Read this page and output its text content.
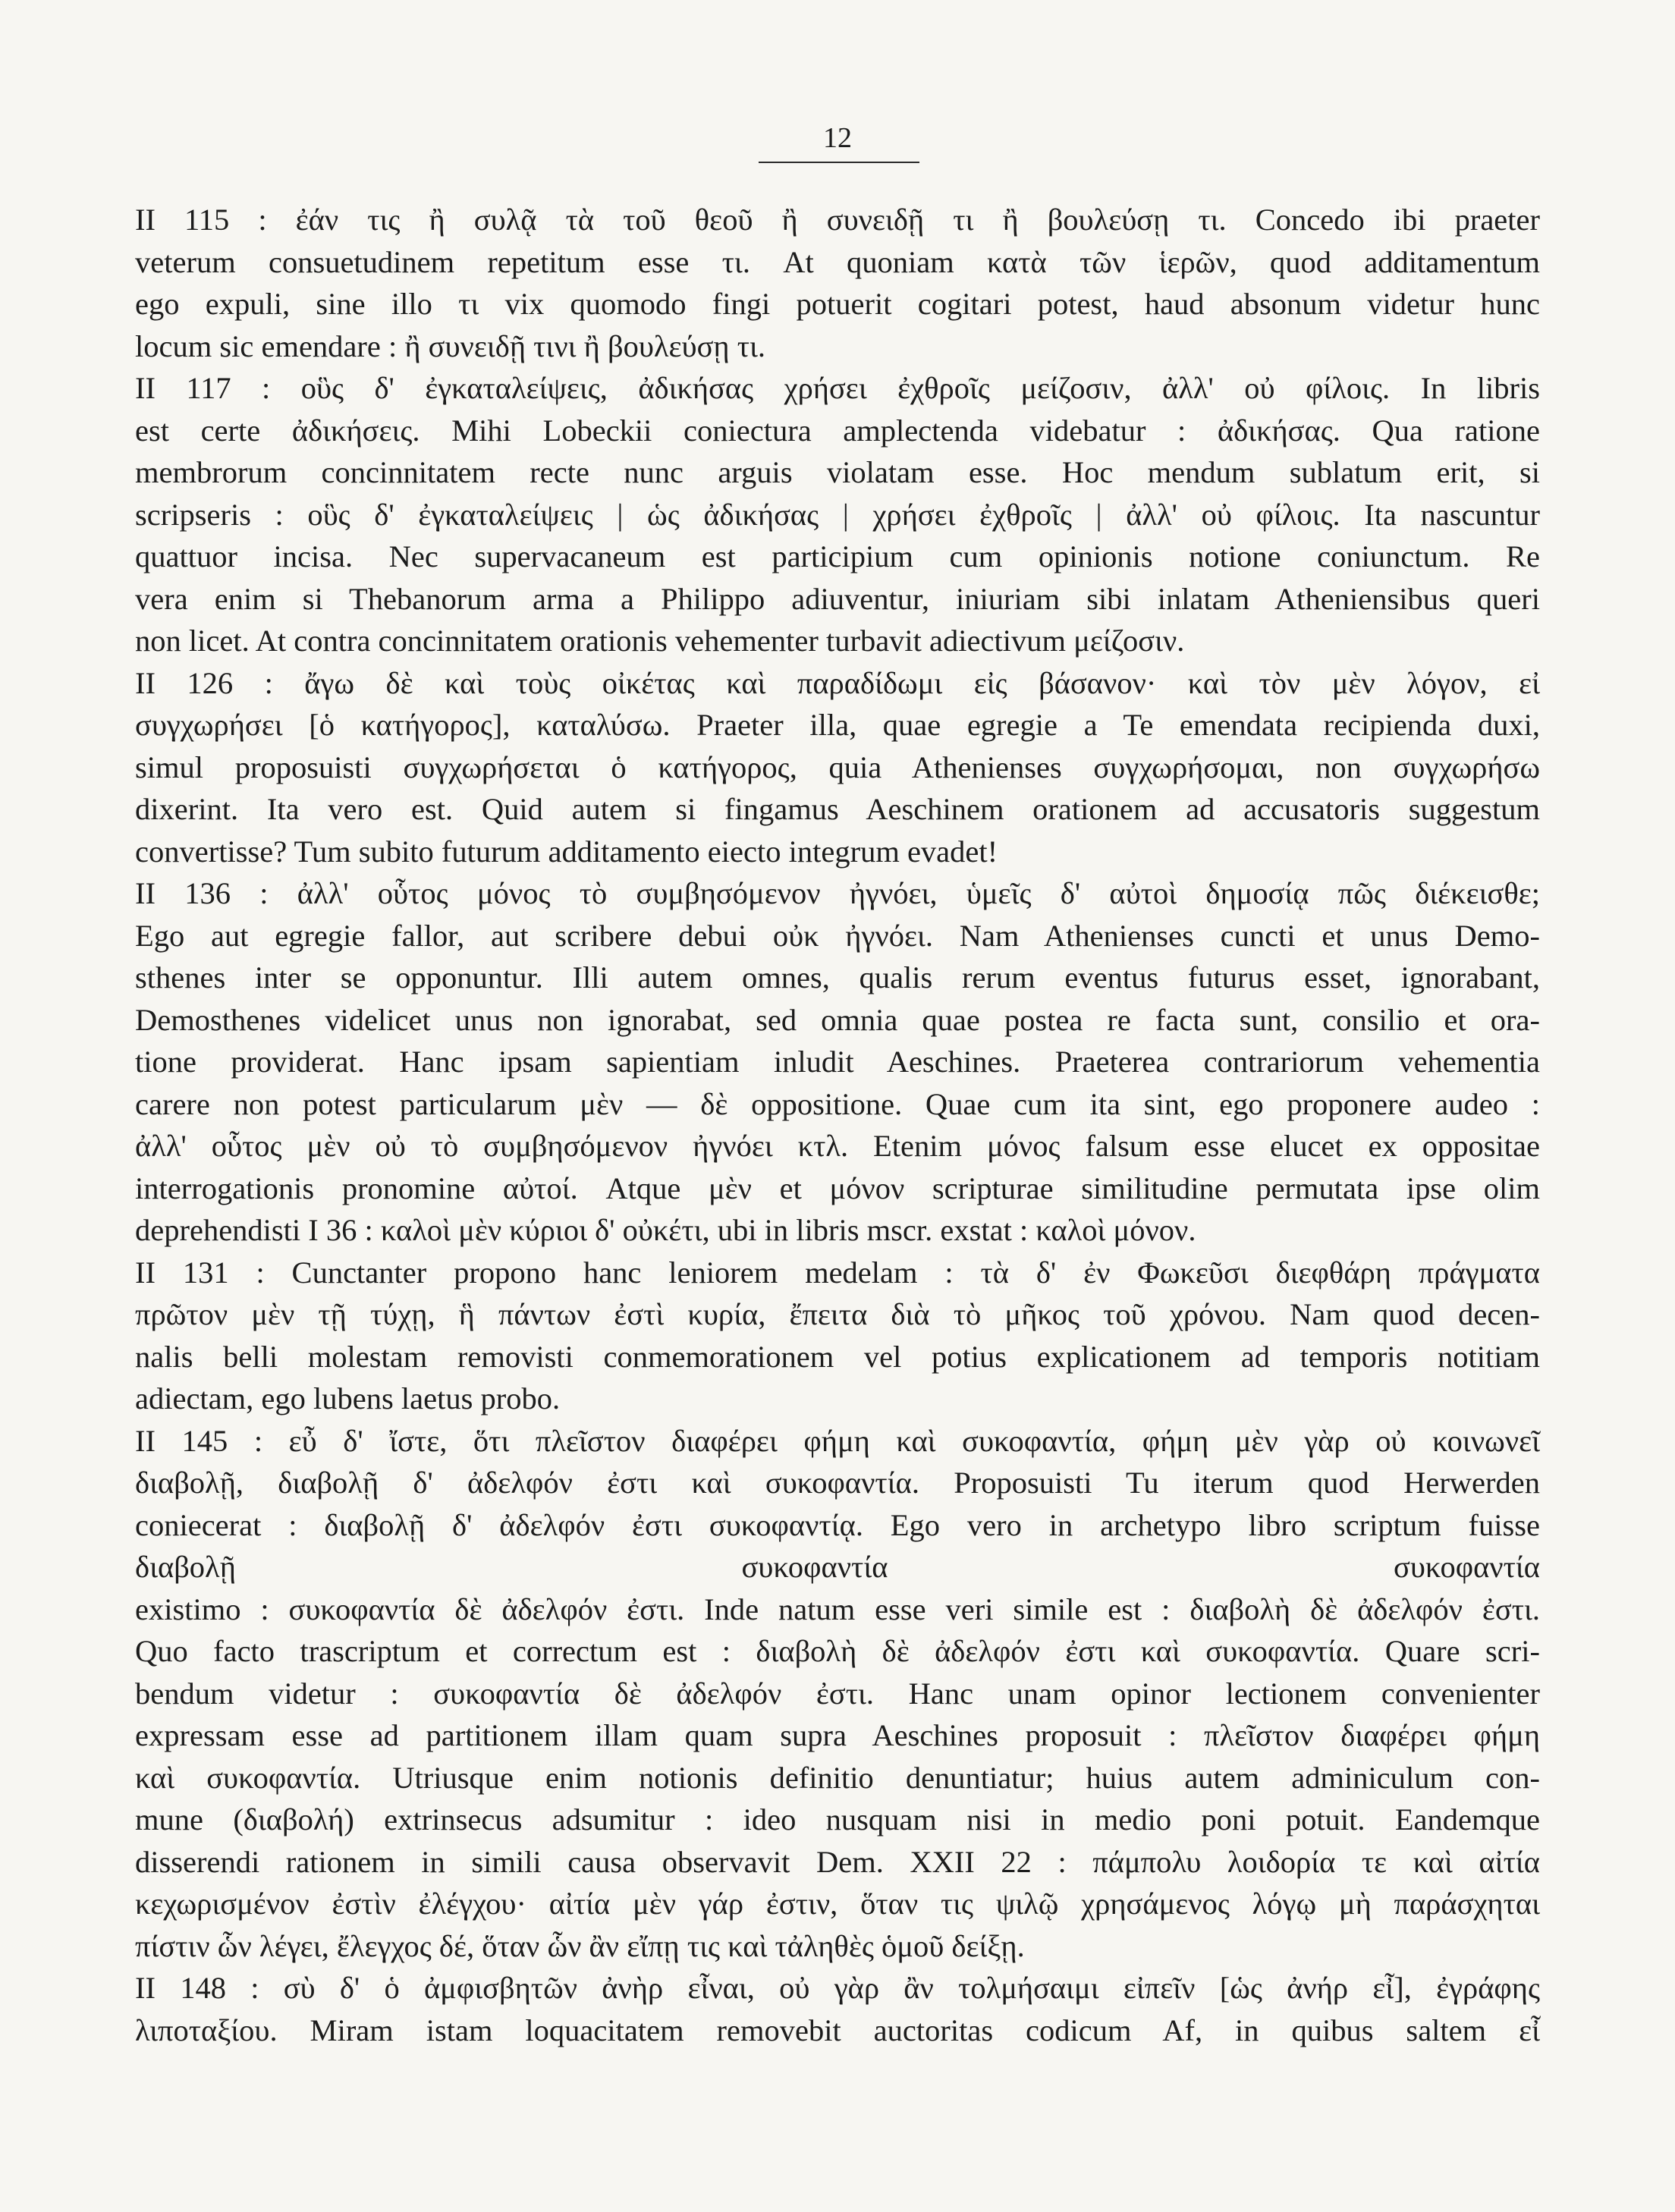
12
II 115 : ἐάν τις ἢ συλᾷ τὰ τοῦ θεοῦ ἢ συνειδῇ τι ἢ βουλεύσῃ τι. Concedo ibi praeter
veterum consuetudinem repetitum esse τι. At quoniam κατὰ τῶν ἱερῶν, quod additamentum
ego expuli, sine illo τι vix quomodo fingi potuerit cogitari potest, haud absonum videtur hunc
locum sic emendare : ἢ συνειδῇ τινι ἢ βουλεύσῃ τι.
II 117 : οὓς δ' ἐγκαταλείψεις, ἀδικήσας χρήσει ἐχθροῖς μείζοσιν, ἀλλ' οὐ φίλοις. In libris
est certe ἀδικήσεις. Mihi Lobeckii coniectura amplectenda videbatur : ἀδικήσας. Qua ratione
membrorum concinnitatem recte nunc arguis violatam esse. Hoc mendum sublatum erit, si
scripseris : οὓς δ' ἐγκαταλείψεις | ὡς ἀδικήσας | χρήσει ἐχθροῖς | ἀλλ' οὐ φίλοις. Ita nascuntur
quattuor incisa. Nec supervacaneum est participium cum opinionis notione coniunctum. Re
vera enim si Thebanorum arma a Philippo adiuventur, iniuriam sibi inlatam Atheniensibus queri
non licet. At contra concinnitatem orationis vehementer turbavit adiectivum μείζοσιν.
II 126 : ἄγω δὲ καὶ τοὺς οἰκέτας καὶ παραδίδωμι εἰς βάσανον· καὶ τὸν μὲν λόγον, εἰ
συγχωρήσει [ὁ κατήγορος], καταλύσω. Praeter illa, quae egregie a Te emendata recipienda duxi,
simul proposuisti συγχωρήσεται ὁ κατήγορος, quia Athenienses συγχωρήσομαι, non συγχωρήσω
dixerint. Ita vero est. Quid autem si fingamus Aeschinem orationem ad accusatoris suggestum
convertisse? Tum subito futurum additamento eiecto integrum evadet!
II 136 : ἀλλ' οὗτος μόνος τὸ συμβησόμενον ἠγνόει, ὑμεῖς δ' αὐτοὶ δημοσίᾳ πῶς διέκεισθε;
Ego aut egregie fallor, aut scribere debui οὐκ ἠγνόει. Nam Athenienses cuncti et unus Demo-
sthenes inter se opponuntur. Illi autem omnes, qualis rerum eventus futurus esset, ignorabant,
Demosthenes videlicet unus non ignorabat, sed omnia quae postea re facta sunt, consilio et ora-
tione providerat. Hanc ipsam sapientiam inludit Aeschines. Praeterea contrariorum vehementia
carere non potest particularum μὲν — δὲ oppositione. Quae cum ita sint, ego proponere audeo :
ἀλλ' οὗτος μὲν οὐ τὸ συμβησόμενον ἠγνόει κτλ. Etenim μόνος falsum esse elucet ex oppositae
interrogationis pronomine αὐτοί. Atque μὲν et μόνον scripturae similitudine permutata ipse olim
deprehendisti I 36 : καλοὶ μὲν κύριοι δ' οὐκέτι, ubi in libris mscr. exstat : καλοὶ μόνον.
II 131 : Cunctanter propono hanc leniorem medelam : τὰ δ' ἐν Φωκεῦσι διεφθάρη πράγματα
πρῶτον μὲν τῇ τύχῃ, ἣ πάντων ἐστὶ κυρία, ἔπειτα διὰ τὸ μῆκος τοῦ χρόνου. Nam quod decen-
nalis belli molestam removisti conmemorationem vel potius explicationem ad temporis notitiam
adiectam, ego lubens laetus probo.
II 145 : εὖ δ' ἴστε, ὅτι πλεῖστον διαφέρει φήμη καὶ συκοφαντία, φήμη μὲν γὰρ οὐ κοινωνεῖ
διαβολῇ, διαβολῇ δ' ἀδελφόν ἐστι καὶ συκοφαντία. Proposuisti Tu iterum quod Herwerden
coniecerat : διαβολῇ δ' ἀδελφόν ἐστι συκοφαντίᾳ. Ego vero in archetypo libro scriptum fuisse
διαβολῇ συκοφαντία συκοφαντία
existimo : συκοφαντία δὲ ἀδελφόν ἐστι. Inde natum esse veri simile est : διαβολὴ δὲ ἀδελφόν ἐστι.
Quo facto trascriptum et correctum est : διαβολὴ δὲ ἀδελφόν ἐστι καὶ συκοφαντία. Quare scri-
bendum videtur : συκοφαντία δὲ ἀδελφόν ἐστι. Hanc unam opinor lectionem convenienter
expressam esse ad partitionem illam quam supra Aeschines proposuit : πλεῖστον διαφέρει φήμη
καὶ συκοφαντία. Utriusque enim notionis definitio denuntiatur; huius autem adminiculum con-
mune (διαβολή) extrinsecus adsumitur : ideo nusquam nisi in medio poni potuit. Eandemque
disserendi rationem in simili causa observavit Dem. XXII 22 : πάμπολυ λοιδορία τε καὶ αἰτία
κεχωρισμένον ἐστὶν ἐλέγχου· αἰτία μὲν γάρ ἐστιν, ὅταν τις ψιλῷ χρησάμενος λόγῳ μὴ παράσχηται
πίστιν ὧν λέγει, ἔλεγχος δέ, ὅταν ὧν ἂν εἴπῃ τις καὶ τἀληθὲς ὁμοῦ δείξῃ.
II 148 : σὺ δ' ὁ ἀμφισβητῶν ἀνὴρ εἶναι, οὐ γὰρ ἂν τολμήσαιμι εἰπεῖν [ὡς ἀνήρ εἶ], ἐγράφης
λιποταξίου. Miram istam loquacitatem removebit auctoritas codicum Af, in quibus saltem εἶ
